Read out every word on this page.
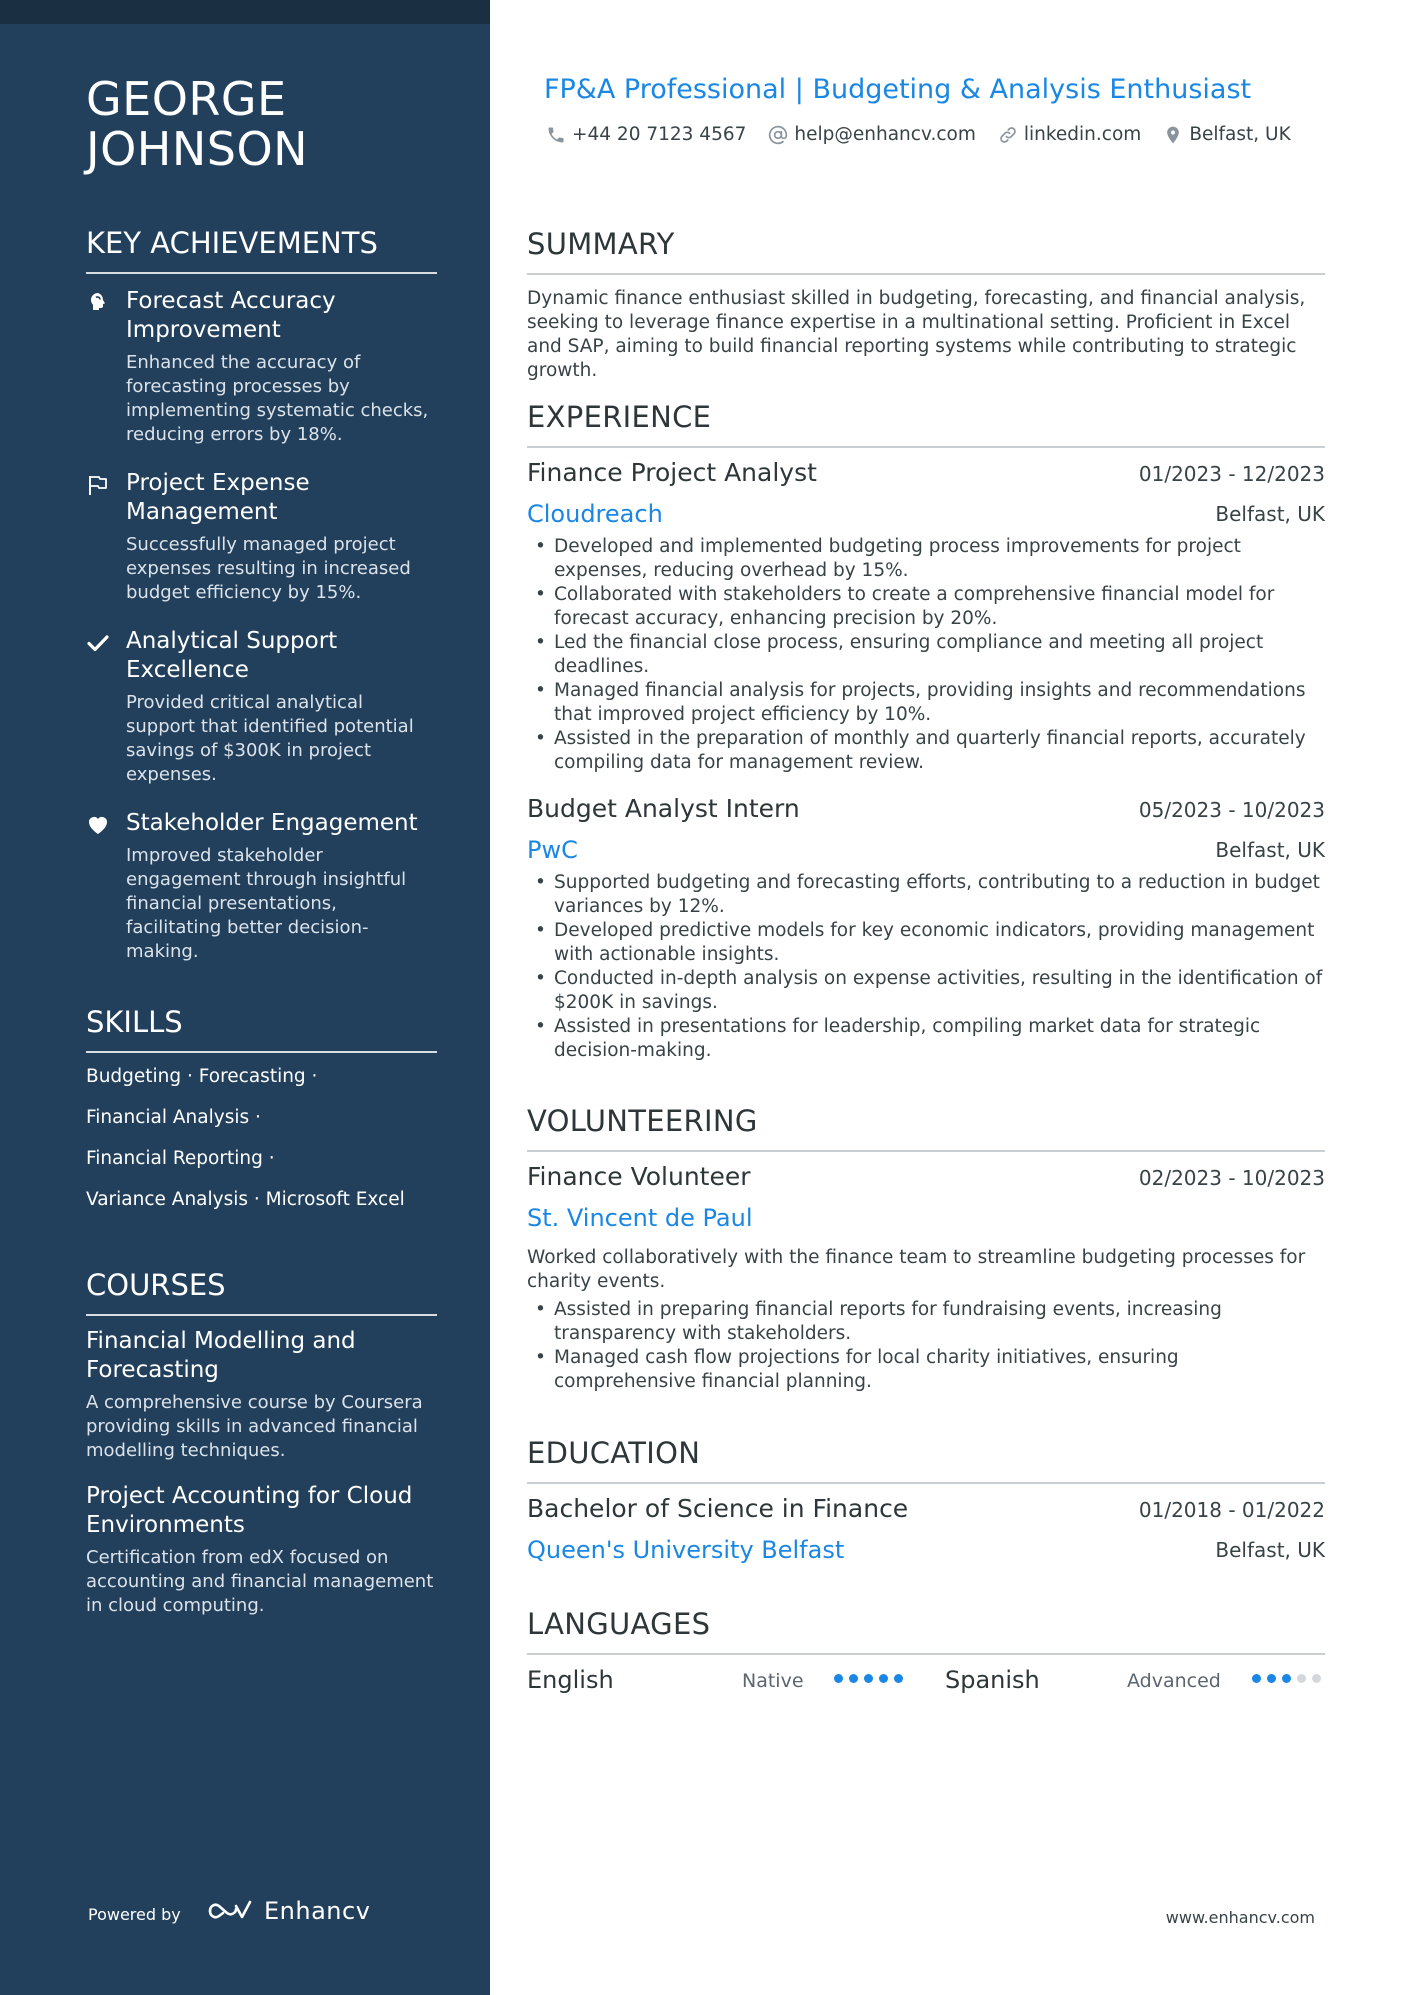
GEORGE
JOHNSON
KEY ACHIEVEMENTS
Forecast Accuracy Improvement
Enhanced the accuracy of forecasting processes by implementing systematic checks, reducing errors by 18%.
Project Expense Management
Successfully managed project expenses resulting in increased budget efficiency by 15%.
Analytical Support Excellence
Provided critical analytical support that identified potential savings of $300K in project expenses.
Stakeholder Engagement
Improved stakeholder engagement through insightful financial presentations, facilitating better decision-making.
SKILLS
Budgeting · Forecasting ·
Financial Analysis ·
Financial Reporting ·
Variance Analysis · Microsoft Excel
COURSES
Financial Modelling and Forecasting
A comprehensive course by Coursera providing skills in advanced financial modelling techniques.
Project Accounting for Cloud Environments
Certification from edX focused on accounting and financial management in cloud computing.
Powered by	Enhancv
FP&A Professional | Budgeting & Analysis Enthusiast
+44 20 7123 4567	help@enhancv.com	linkedin.com	Belfast, UK
SUMMARY
Dynamic finance enthusiast skilled in budgeting, forecasting, and financial analysis, seeking to leverage finance expertise in a multinational setting. Proficient in Excel and SAP, aiming to build financial reporting systems while contributing to strategic growth.
EXPERIENCE
Finance Project Analyst	01/2023 - 12/2023
Cloudreach	Belfast, UK
• Developed and implemented budgeting process improvements for project expenses, reducing overhead by 15%.
• Collaborated with stakeholders to create a comprehensive financial model for forecast accuracy, enhancing precision by 20%.
• Led the financial close process, ensuring compliance and meeting all project deadlines.
• Managed financial analysis for projects, providing insights and recommendations that improved project efficiency by 10%.
• Assisted in the preparation of monthly and quarterly financial reports, accurately compiling data for management review.
Budget Analyst Intern	05/2023 - 10/2023
PwC	Belfast, UK
• Supported budgeting and forecasting efforts, contributing to a reduction in budget variances by 12%.
• Developed predictive models for key economic indicators, providing management with actionable insights.
• Conducted in-depth analysis on expense activities, resulting in the identification of $200K in savings.
• Assisted in presentations for leadership, compiling market data for strategic decision-making.
VOLUNTEERING
Finance Volunteer	02/2023 - 10/2023
St. Vincent de Paul
Worked collaboratively with the finance team to streamline budgeting processes for charity events.
• Assisted in preparing financial reports for fundraising events, increasing transparency with stakeholders.
• Managed cash flow projections for local charity initiatives, ensuring comprehensive financial planning.
EDUCATION
Bachelor of Science in Finance	01/2018 - 01/2022
Queen's University Belfast	Belfast, UK
LANGUAGES
English	Native	Spanish	Advanced
www.enhancv.com
